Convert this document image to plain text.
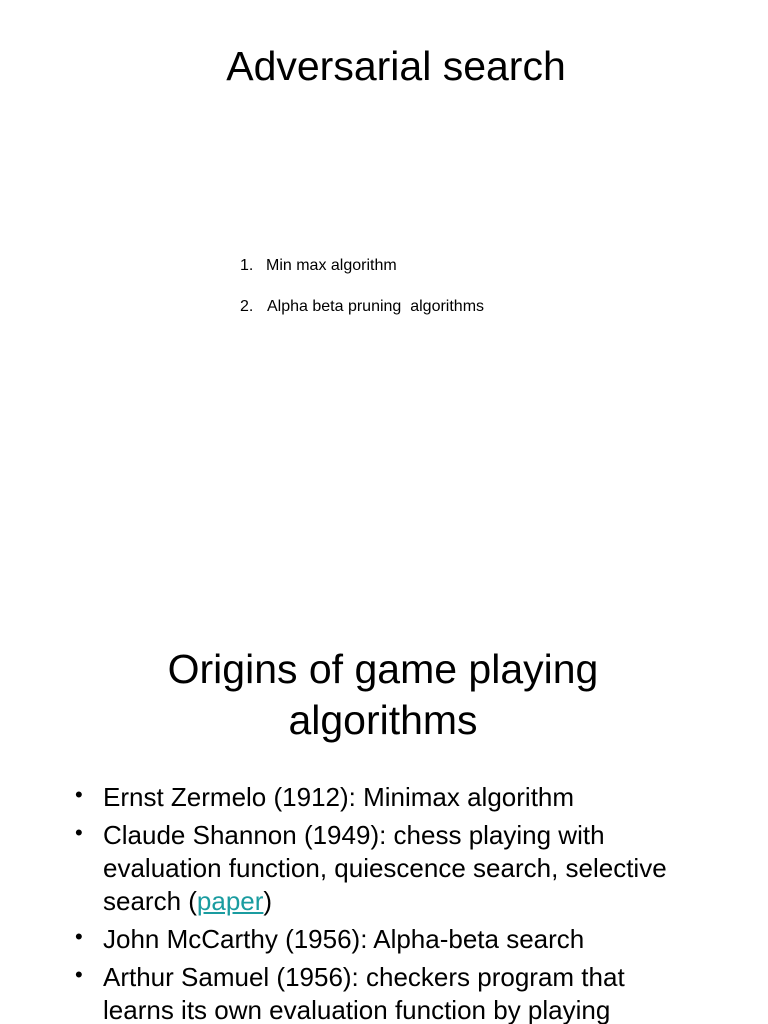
Adversarial search
1. Min max algorithm
2. Alpha beta pruning  algorithms
Origins of game playing
algorithms
• Ernst Zermelo (1912): Minimax algorithm
• Claude Shannon (1949): chess playing with evaluation function, quiescence search, selective search (paper)
• John McCarthy (1956): Alpha-beta search
• Arthur Samuel (1956): checkers program that learns its own evaluation function by playing
